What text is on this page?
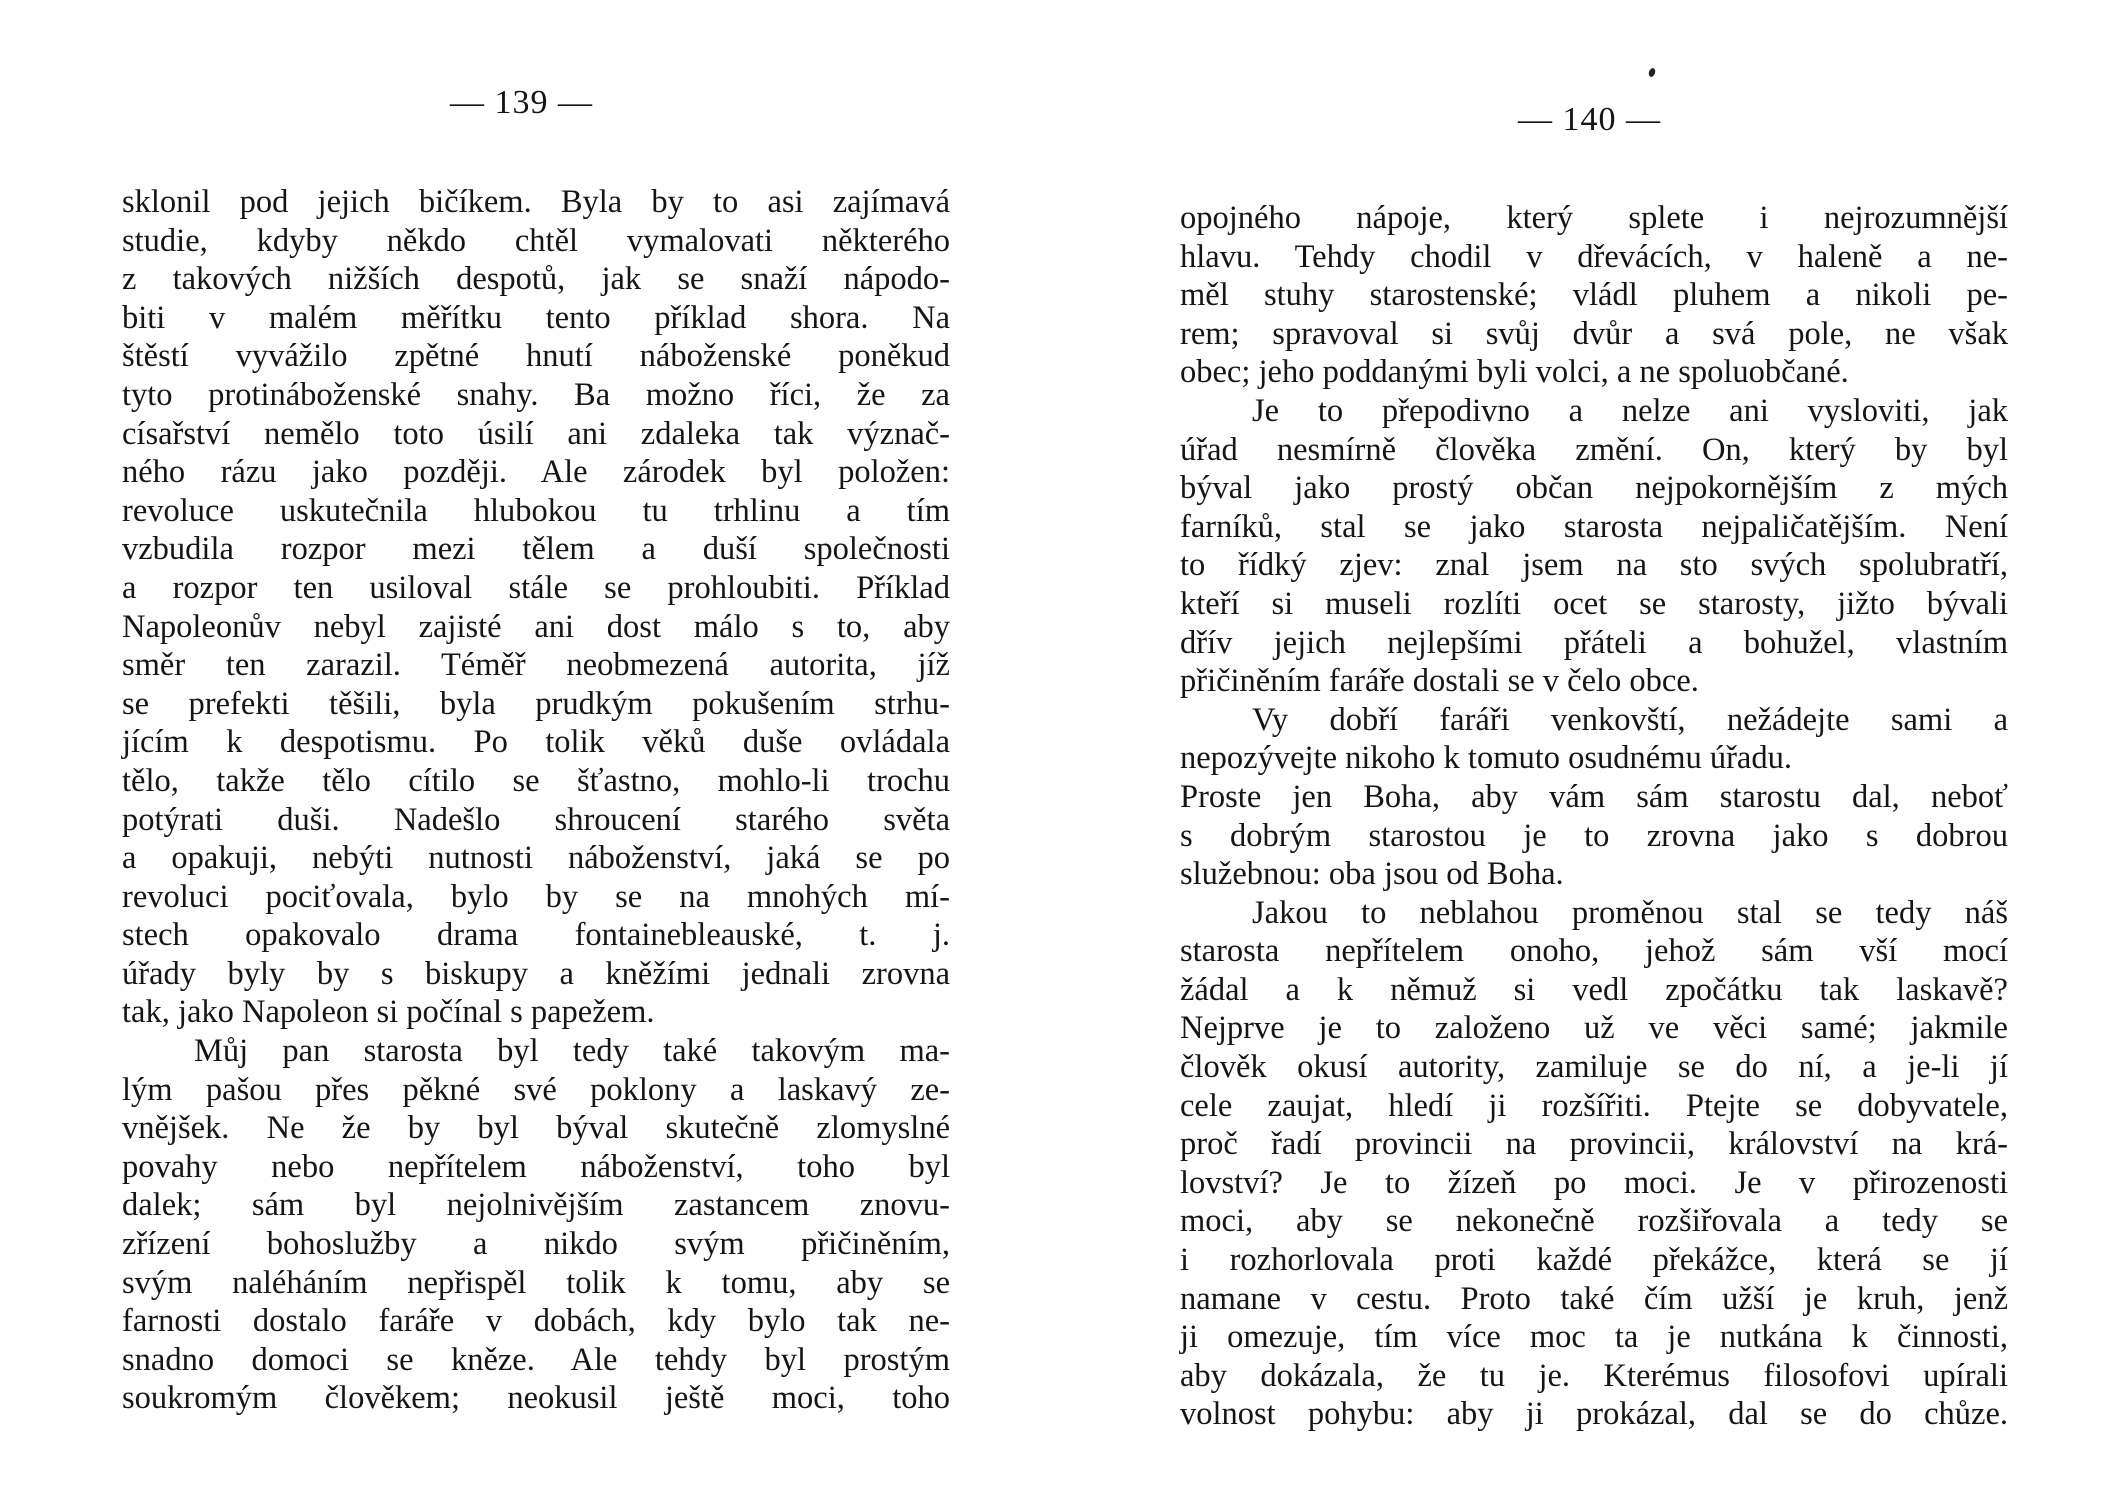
— 139 —
sklonil pod jejich bičíkem. Byla by to asi zajímavá
studie, kdyby někdo chtěl vymalovati některého
z takových nižších despotů, jak se snaží nápodo-
biti v malém měřítku tento příklad shora. Na
štěstí vyvážilo zpětné hnutí náboženské poněkud
tyto protináboženské snahy. Ba možno říci, že za
císařství nemělo toto úsilí ani zdaleka tak význač-
ného rázu jako později. Ale zárodek byl položen:
revoluce uskutečnila hlubokou tu trhlinu a tím
vzbudila rozpor mezi tělem a duší společnosti
a rozpor ten usiloval stále se prohloubiti. Příklad
Napoleonův nebyl zajisté ani dost málo s to, aby
směr ten zarazil. Téměř neobmezená autorita, jíž
se prefekti těšili, byla prudkým pokušením strhu-
jícím k despotismu. Po tolik věků duše ovládala
tělo, takže tělo cítilo se šťastno, mohlo-li trochu
potýrati duši. Nadešlo shroucení starého světa
a opakuji, nebýti nutnosti náboženství, jaká se po
revoluci pociťovala, bylo by se na mnohých mí-
stech opakovalo drama fontainebleauské, t. j.
úřady byly by s biskupy a kněžími jednali zrovna
tak, jako Napoleon si počínal s papežem.
Můj pan starosta byl tedy také takovým ma-
lým pašou přes pěkné své poklony a laskavý ze-
vnějšek. Ne že by byl býval skutečně zlomyslné
povahy nebo nepřítelem náboženství, toho byl
dalek; sám byl nejolnivějším zastancem znovu-
zřízení bohoslužby a nikdo svým přičiněním,
svým naléháním nepřispěl tolik k tomu, aby se
farnosti dostalo faráře v dobách, kdy bylo tak ne-
snadno domoci se kněze. Ale tehdy byl prostým
soukromým člověkem; neokusil ještě moci, toho
— 140 —
opojného nápoje, který splete i nejrozumnější
hlavu. Tehdy chodil v dřevácích, v haleně a ne-
měl stuhy starostenské; vládl pluhem a nikoli pe-
rem; spravoval si svůj dvůr a svá pole, ne však
obec; jeho poddanými byli volci, a ne spoluobčané.
Je to přepodivno a nelze ani vysloviti, jak
úřad nesmírně člověka změní. On, který by byl
býval jako prostý občan nejpokornějším z mých
farníků, stal se jako starosta nejpaličatějším. Není
to řídký zjev: znal jsem na sto svých spolubratří,
kteří si museli rozlíti ocet se starosty, jižto bývali
dřív jejich nejlepšími přáteli a bohužel, vlastním
přičiněním faráře dostali se v čelo obce.
Vy dobří faráři venkovští, nežádejte sami a
nepozývejte nikoho k tomuto osudnému úřadu.
Proste jen Boha, aby vám sám starostu dal, neboť
s dobrým starostou je to zrovna jako s dobrou
služebnou: oba jsou od Boha.
Jakou to neblahou proměnou stal se tedy náš
starosta nepřítelem onoho, jehož sám vší mocí
žádal a k němuž si vedl zpočátku tak laskavě?
Nejprve je to založeno už ve věci samé; jakmile
člověk okusí autority, zamiluje se do ní, a je-li jí
cele zaujat, hledí ji rozšířiti. Ptejte se dobyvatele,
proč řadí provincii na provincii, království na krá-
lovství? Je to žízeň po moci. Je v přirozenosti
moci, aby se nekonečně rozšiřovala a tedy se
i rozhorlovala proti každé překážce, která se jí
namane v cestu. Proto také čím užší je kruh, jenž
ji omezuje, tím více moc ta je nutkána k činnosti,
aby dokázala, že tu je. Kterémus filosofovi upírali
volnost pohybu: aby ji prokázal, dal se do chůze.
